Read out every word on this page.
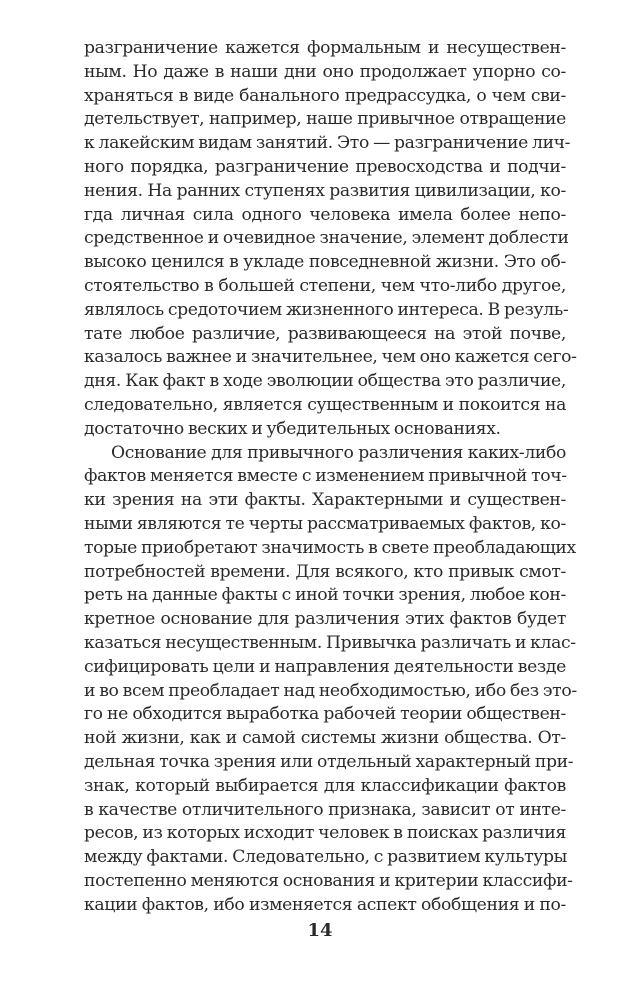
разграничение кажется формальным и несуществен-
ным. Но даже в наши дни оно продолжает упорно со-
храняться в виде банального предрассудка, о чем сви-
детельствует, например, наше привычное отвращение
к лакейским видам занятий. Это — разграничение лич-
ного порядка, разграничение превосходства и подчи-
нения. На ранних ступенях развития цивилизации, ко-
гда личная сила одного человека имела более непо-
средственное и очевидное значение, элемент доблести
высоко ценился в укладе повседневной жизни. Это об-
стоятельство в большей степени, чем что-либо другое,
являлось средоточием жизненного интереса. В резуль-
тате любое различие, развивающееся на этой почве,
казалось важнее и значительнее, чем оно кажется сего-
дня. Как факт в ходе эволюции общества это различие,
следовательно, является существенным и покоится на
достаточно веских и убедительных основаниях.
Основание для привычного различения каких-либо
фактов меняется вместе с изменением привычной точ-
ки зрения на эти факты. Характерными и существен-
ными являются те черты рассматриваемых фактов, ко-
торые приобретают значимость в свете преобладающих
потребностей времени. Для всякого, кто привык смот-
реть на данные факты с иной точки зрения, любое кон-
кретное основание для различения этих фактов будет
казаться несущественным. Привычка различать и клас-
сифицировать цели и направления деятельности везде
и во всем преобладает над необходимостью, ибо без это-
го не обходится выработка рабочей теории обществен-
ной жизни, как и самой системы жизни общества. От-
дельная точка зрения или отдельный характерный при-
знак, который выбирается для классификации фактов
в качестве отличительного признака, зависит от инте-
ресов, из которых исходит человек в поисках различия
между фактами. Следовательно, с развитием культуры
постепенно меняются основания и критерии классифи-
кации фактов, ибо изменяется аспект обобщения и по-
14
